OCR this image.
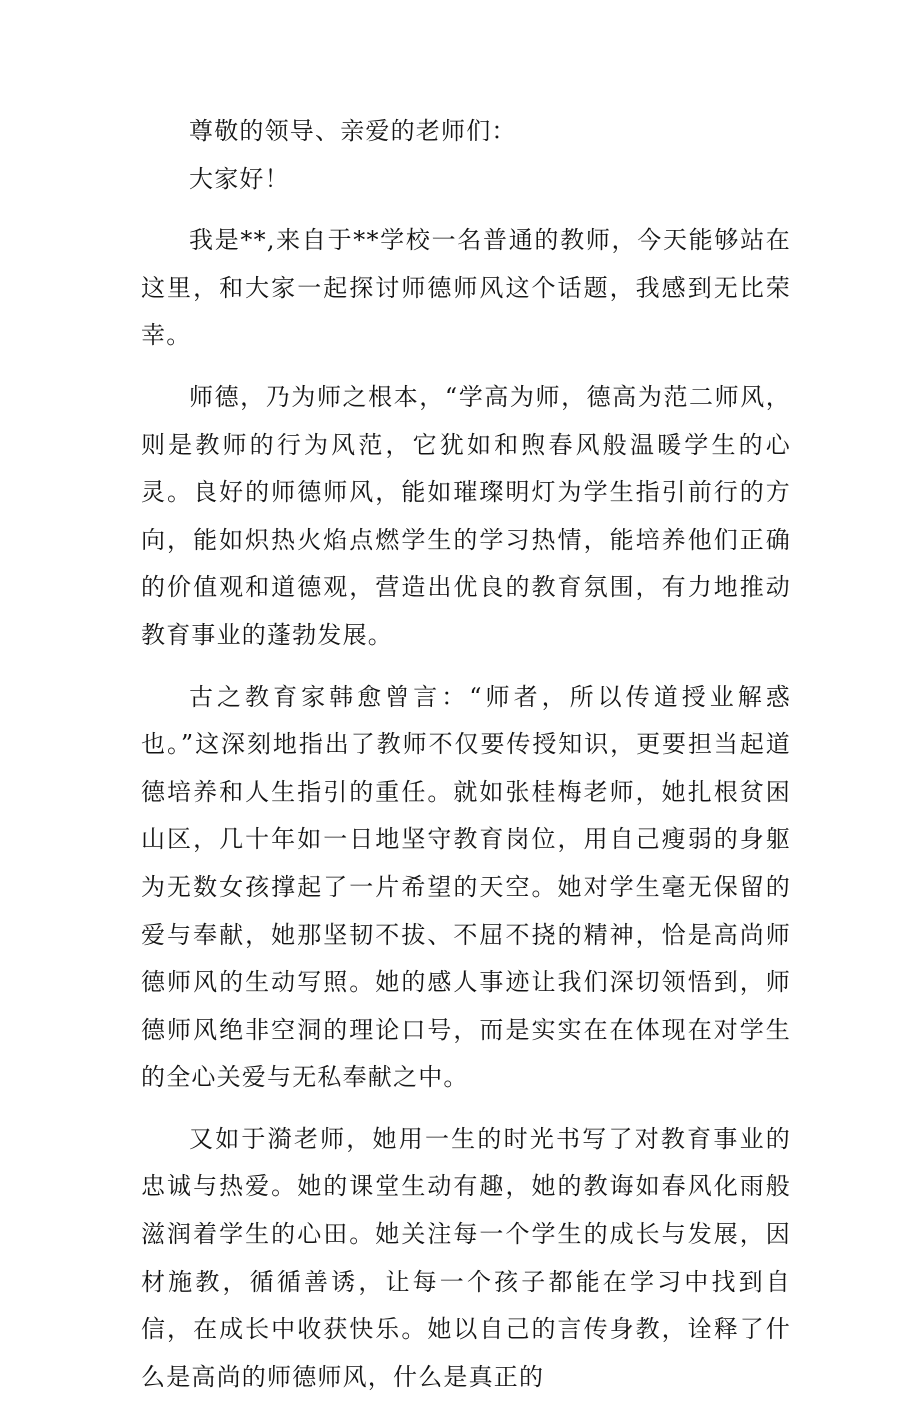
尊敬的领导、亲爱的老师们：

大家好！

我是**,来自于**学校一名普通的教师，今天能够站在这里，和大家一起探讨师德师风这个话题，我感到无比荣幸。

师德，乃为师之根本，“学高为师，德高为范二师风，则是教师的行为风范，它犹如和煦春风般温暖学生的心灵。良好的师德师风，能如璀璨明灯为学生指引前行的方向，能如炽热火焰点燃学生的学习热情，能培养他们正确的价值观和道德观，营造出优良的教育氛围，有力地推动教育事业的蓬勃发展。

古之教育家韩愈曾言：“师者，所以传道授业解惑也。”这深刻地指出了教师不仅要传授知识，更要担当起道德培养和人生指引的重任。就如张桂梅老师，她扎根贫困山区，几十年如一日地坚守教育岗位，用自己瘦弱的身躯为无数女孩撑起了一片希望的天空。她对学生毫无保留的爱与奉献，她那坚韧不拔、不屈不挠的精神，恰是高尚师德师风的生动写照。她的感人事迹让我们深切领悟到，师德师风绝非空洞的理论口号，而是实实在在体现在对学生的全心关爱与无私奉献之中。

又如于漪老师，她用一生的时光书写了对教育事业的忠诚与热爱。她的课堂生动有趣，她的教诲如春风化雨般滋润着学生的心田。她关注每一个学生的成长与发展，因材施教，循循善诱，让每一个孩子都能在学习中找到自信，在成长中收获快乐。她以自己的言传身教，诠释了什么是高尚的师德师风，什么是真正的
